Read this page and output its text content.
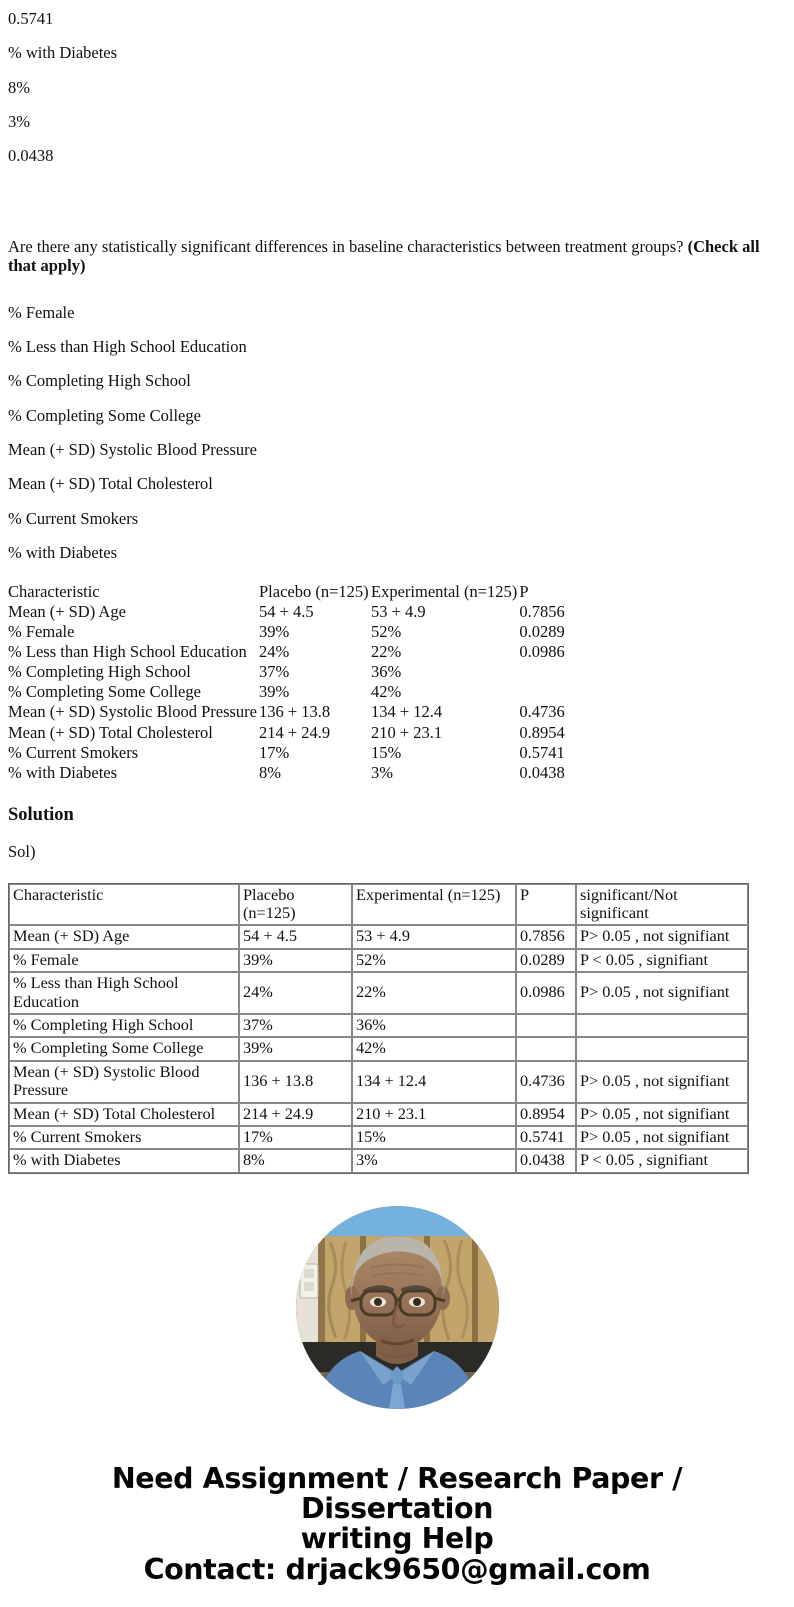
0.5741

% with Diabetes

8%

3%

0.0438

Are there any statistically significant differences in baseline characteristics between treatment groups? (Check all that apply)

% Female

% Less than High School Education

% Completing High School

% Completing Some College

Mean (+ SD) Systolic Blood Pressure

Mean (+ SD) Total Cholesterol

% Current Smokers

% with Diabetes

Characteristic	Placebo (n=125)	Experimental (n=125)	P
Mean (+ SD) Age	54 + 4.5	53 + 4.9	0.7856
% Female	39%	52%	0.0289
% Less than High School Education	24%	22%	0.0986
% Completing High School	37%	36%	
% Completing Some College	39%	42%	
Mean (+ SD) Systolic Blood Pressure	136 + 13.8	134 + 12.4	0.4736
Mean (+ SD) Total Cholesterol	214 + 24.9	210 + 23.1	0.8954
% Current Smokers	17%	15%	0.5741
% with Diabetes	8%	3%	0.0438
Solution

Sol)

Characteristic	Placebo (n=125)	Experimental (n=125)	P	significant/Not significant
Mean (+ SD) Age	54 + 4.5	53 + 4.9	0.7856	P> 0.05 , not signifiant
% Female	39%	52%	0.0289	P < 0.05 , signifiant
% Less than High School Education	24%	22%	0.0986	P> 0.05 , not signifiant
% Completing High School	37%	36%		
% Completing Some College	39%	42%		
Mean (+ SD) Systolic Blood Pressure	136 + 13.8	134 + 12.4	0.4736	P> 0.05 , not signifiant
Mean (+ SD) Total Cholesterol	214 + 24.9	210 + 23.1	0.8954	P> 0.05 , not signifiant
% Current Smokers	17%	15%	0.5741	P> 0.05 , not signifiant
% with Diabetes	8%	3%	0.0438	P < 0.05 , signifiant
Need Assignment / Research Paper / Dissertation
writing Help
Contact: drjack9650@gmail.com
